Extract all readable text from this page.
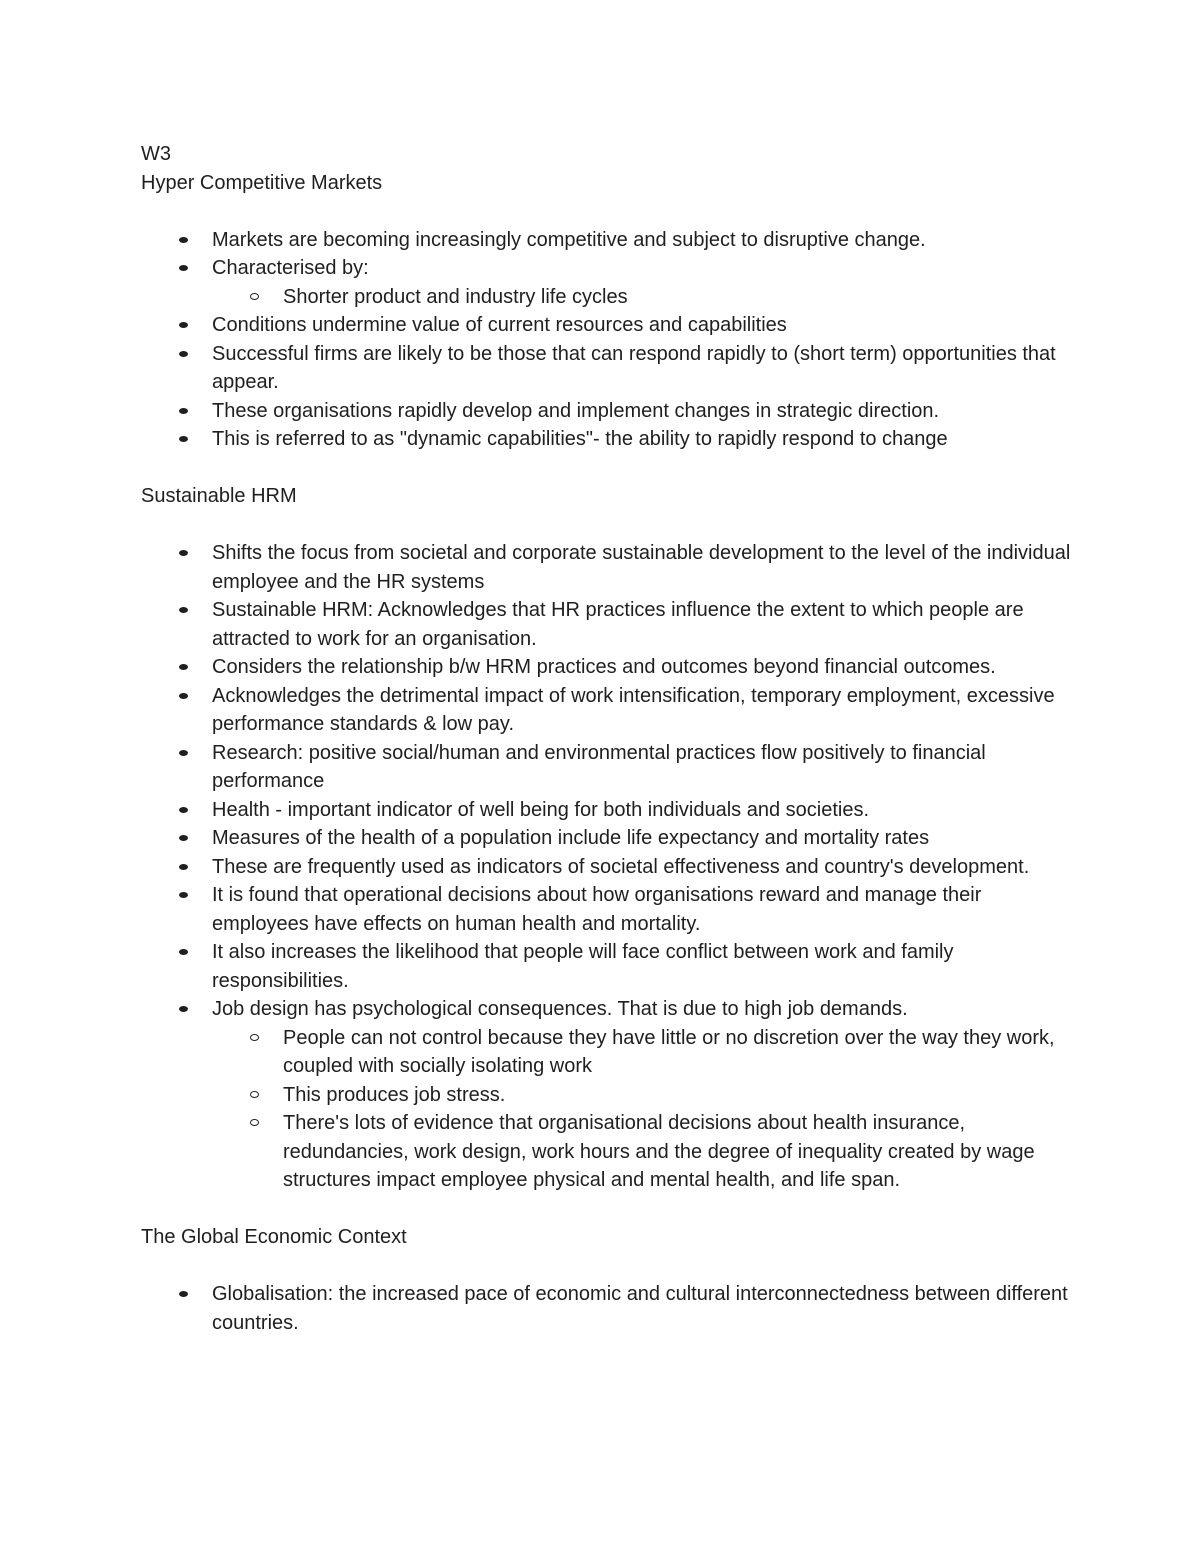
W3

Hyper Competitive Markets

Markets are becoming increasingly competitive and subject to disruptive change.
Characterised by:
Shorter product and industry life cycles
Conditions undermine value of current resources and capabilities
Successful firms are likely to be those that can respond rapidly to (short term) opportunities that appear.
These organisations rapidly develop and implement changes in strategic direction.
This is referred to as "dynamic capabilities"- the ability to rapidly respond to change

Sustainable HRM

Shifts the focus from societal and corporate sustainable development to the level of the individual employee and the HR systems
Sustainable HRM: Acknowledges that HR practices influence the extent to which people are attracted to work for an organisation.
Considers the relationship b/w HRM practices and outcomes beyond financial outcomes.
Acknowledges the detrimental impact of work intensification, temporary employment, excessive performance standards & low pay.
Research: positive social/human and environmental practices flow positively to financial performance
Health - important indicator of well being for both individuals and societies.
Measures of the health of a population include life expectancy and mortality rates
These are frequently used as indicators of societal effectiveness and country's development.
It is found that operational decisions about how organisations reward and manage their employees have effects on human health and mortality.
It also increases the likelihood that people will face conflict between work and family responsibilities.
Job design has psychological consequences. That is due to high job demands.
People can not control because they have little or no discretion over the way they work, coupled with socially isolating work
This produces job stress.
There's lots of evidence that organisational decisions about health insurance, redundancies, work design, work hours and the degree of inequality created by wage structures impact employee physical and mental health, and life span.

The Global Economic Context

Globalisation: the increased pace of economic and cultural interconnectedness between different countries.
